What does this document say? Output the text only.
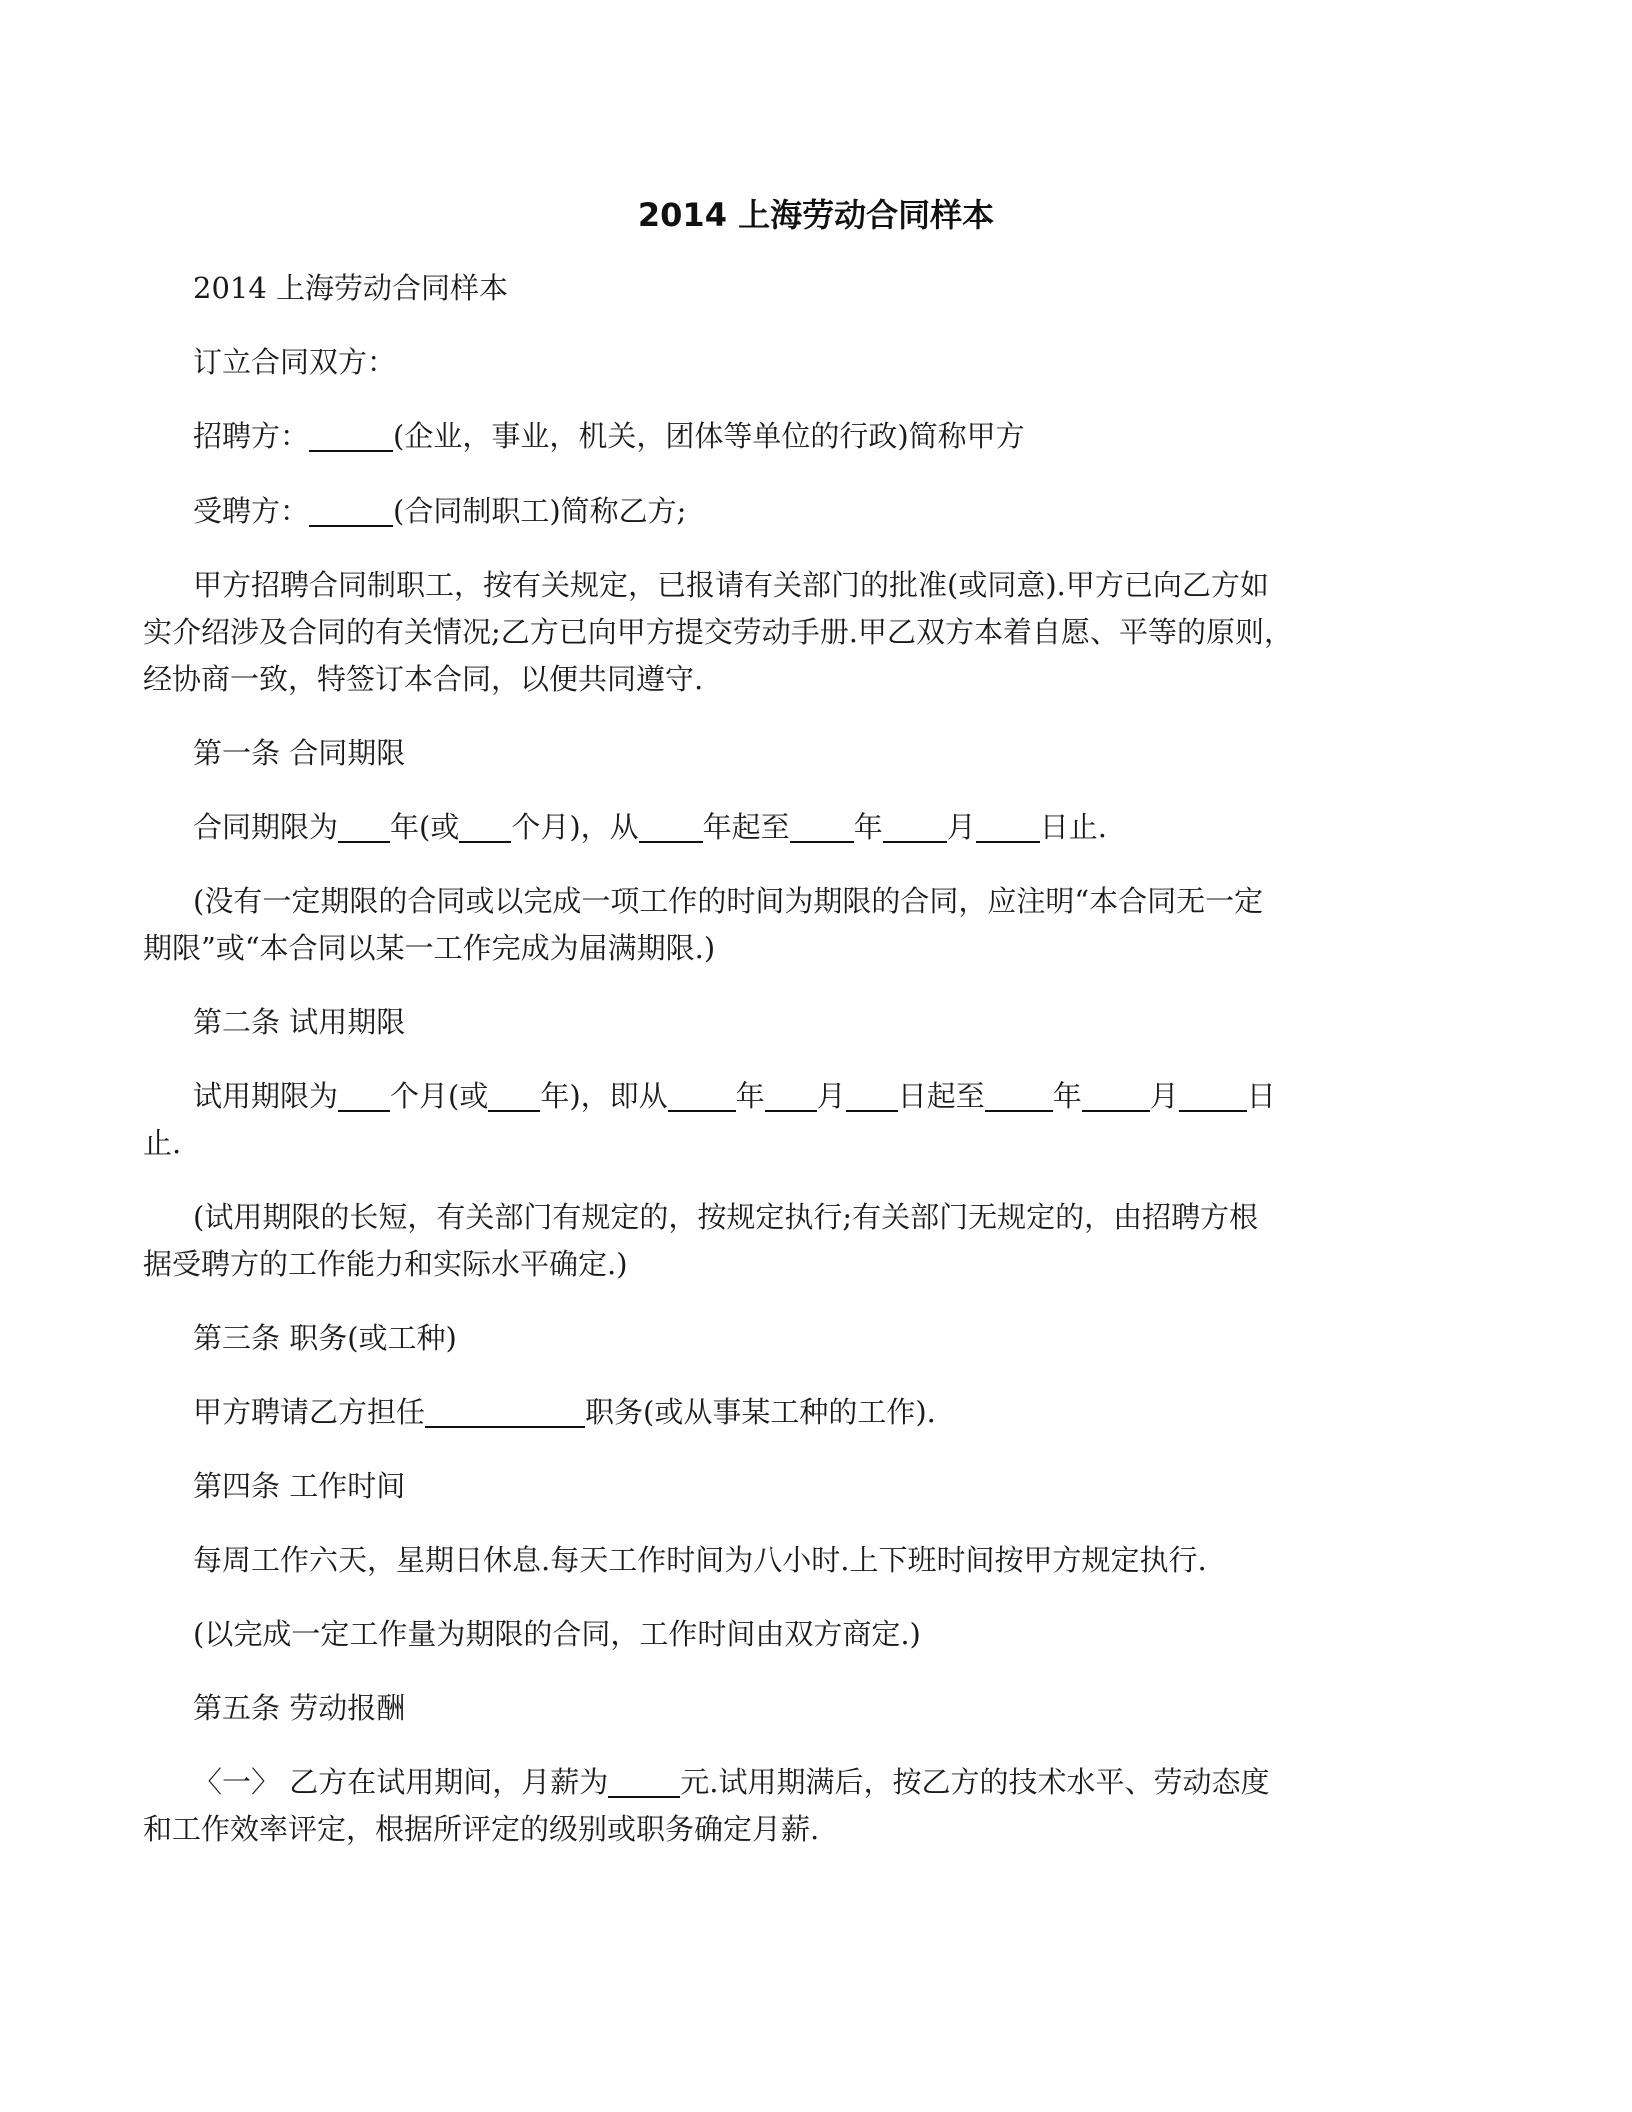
2014 上海劳动合同样本
2014 上海劳动合同样本
订立合同双方：
招聘方：	(企业，事业，机关，团体等单位的行政)简称甲方
受聘方：	(合同制职工)简称乙方;
甲方招聘合同制职工，按有关规定，已报请有关部门的批准(或同意).甲方已向乙方如
实介绍涉及合同的有关情况;乙方已向甲方提交劳动手册.甲乙双方本着自愿、平等的原则，
经协商一致，特签订本合同，以便共同遵守.
第一条 合同期限
合同期限为 年(或 个月)，从 年起至 年 月 日止.
(没有一定期限的合同或以完成一项工作的时间为期限的合同，应注明“本合同无一定
期限”或“本合同以某一工作完成为届满期限.)
第二条 试用期限
试用期限为 个月(或 年)，即从 年 月 日起至 年 月 日
止.
(试用期限的长短，有关部门有规定的，按规定执行;有关部门无规定的，由招聘方根
据受聘方的工作能力和实际水平确定.)
第三条 职务(或工种)
甲方聘请乙方担任	职务(或从事某工种的工作).
第四条 工作时间
每周工作六天，星期日休息.每天工作时间为八小时.上下班时间按甲方规定执行.
(以完成一定工作量为期限的合同，工作时间由双方商定.)
第五条 劳动报酬
〈一〉 乙方在试用期间，月薪为 元.试用期满后，按乙方的技术水平、劳动态度
和工作效率评定，根据所评定的级别或职务确定月薪.
